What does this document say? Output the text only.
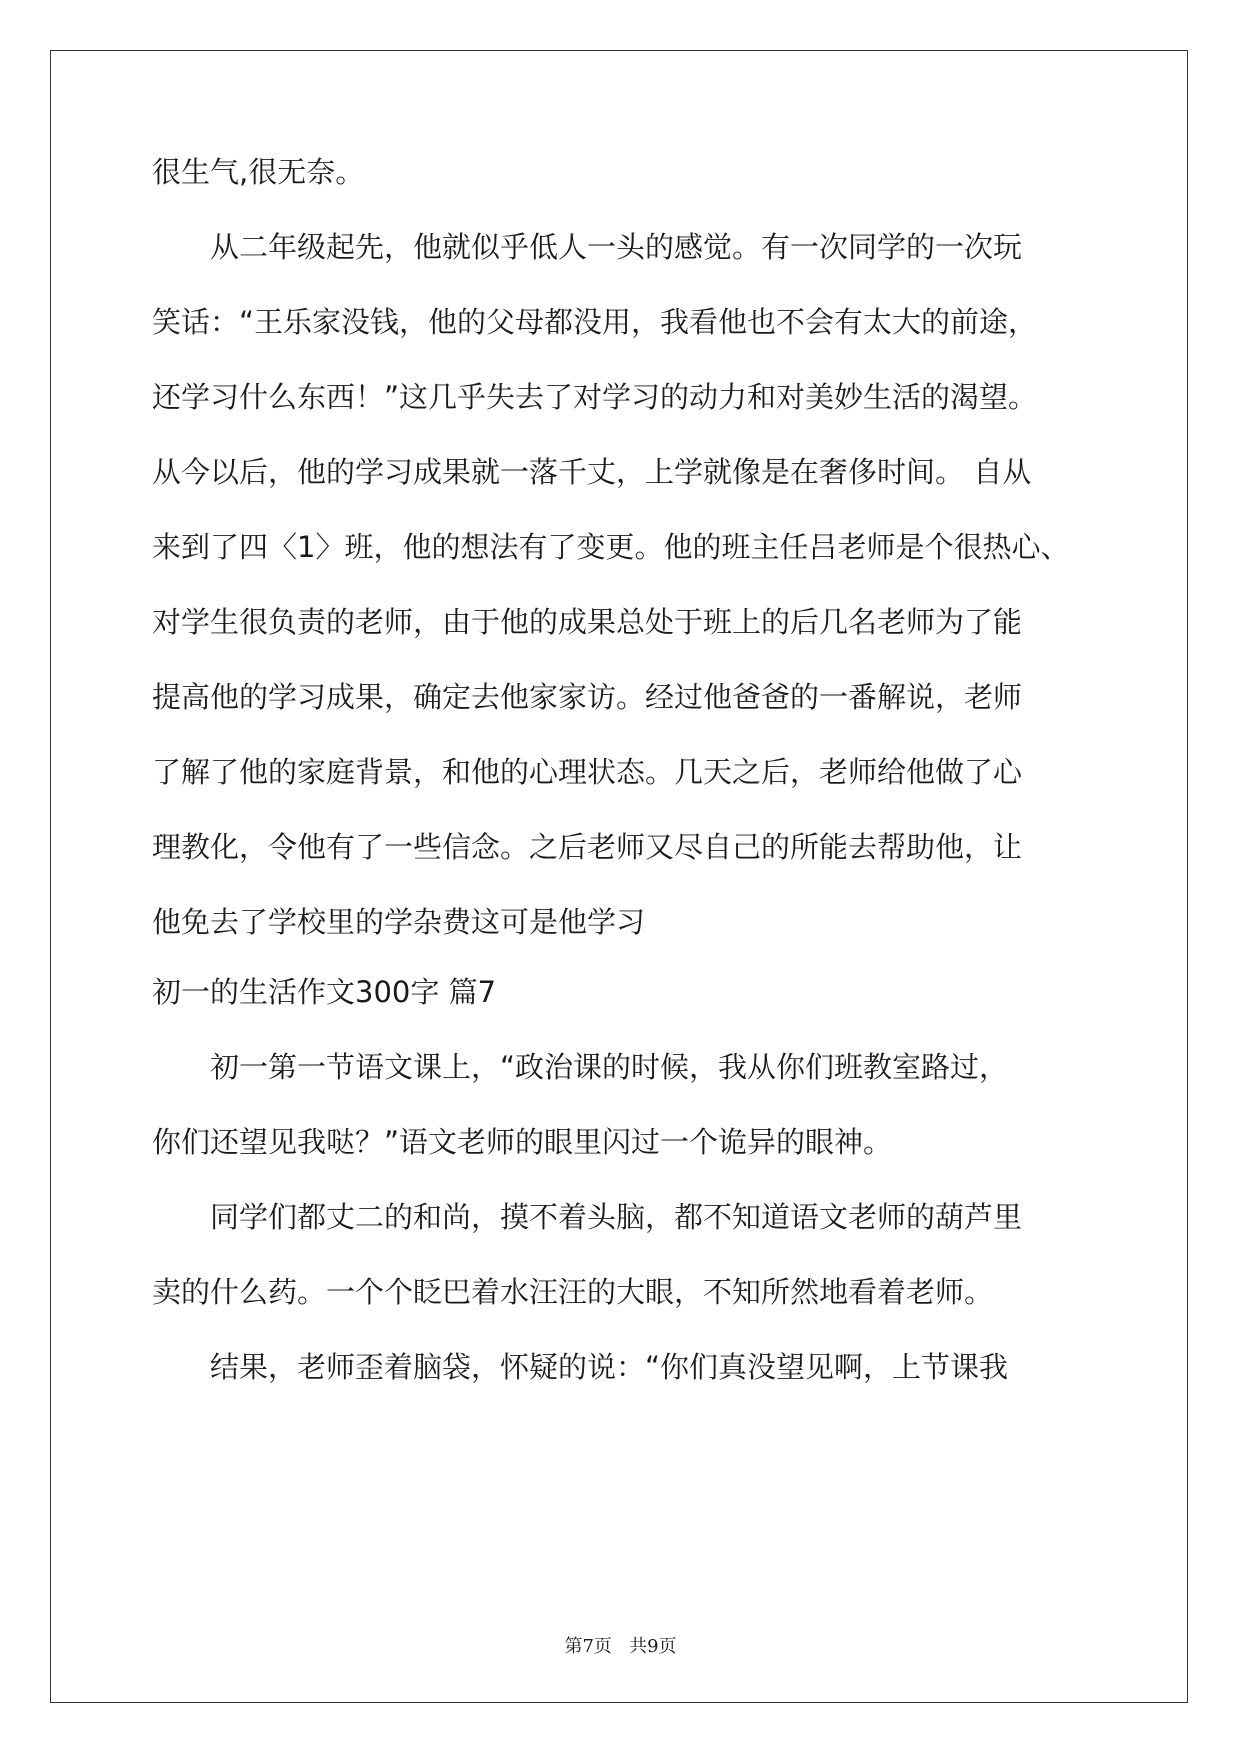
很生气,很无奈。
　　从二年级起先，他就似乎低人一头的感觉。有一次同学的一次玩
笑话：“王乐家没钱，他的父母都没用，我看他也不会有太大的前途，
还学习什么东西！”这几乎失去了对学习的动力和对美妙生活的渴望。
从今以后，他的学习成果就一落千丈，上学就像是在奢侈时间。 自从
来到了四〈1〉班，他的想法有了变更。他的班主任吕老师是个很热心、
对学生很负责的老师，由于他的成果总处于班上的后几名老师为了能
提高他的学习成果，确定去他家家访。经过他爸爸的一番解说，老师
了解了他的家庭背景，和他的心理状态。几天之后，老师给他做了心
理教化，令他有了一些信念。之后老师又尽自己的所能去帮助他，让
他免去了学校里的学杂费这可是他学习
初一的生活作文300字 篇7
　　初一第一节语文课上，“政治课的时候，我从你们班教室路过，
你们还望见我哒？”语文老师的眼里闪过一个诡异的眼神。
　　同学们都丈二的和尚，摸不着头脑，都不知道语文老师的葫芦里
卖的什么药。一个个眨巴着水汪汪的大眼，不知所然地看着老师。
　　结果，老师歪着脑袋，怀疑的说：“你们真没望见啊，上节课我
第7页   共9页
